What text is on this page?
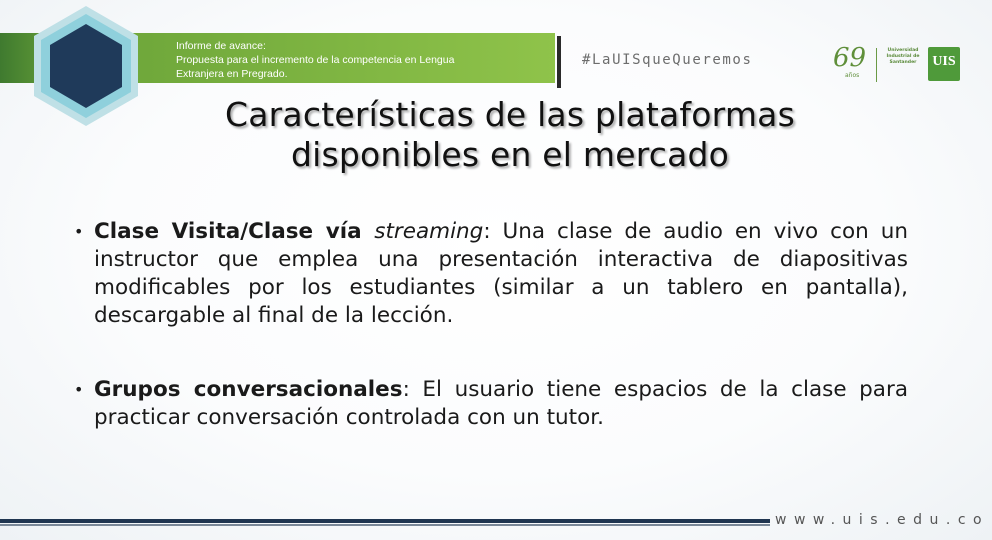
Informe de avance:
Propuesta para el incremento de la competencia en Lengua
Extranjera en Pregrado.
#LaUISqueQueremos	69
años
Universidad
Industrial de
Santander	UIS
Características de las plataformas
disponibles en el mercado
• Clase Visita/Clase vía streaming: Una clase de audio en vivo con un instructor que emplea una presentación interactiva de diapositivas modificables por los estudiantes (similar a un tablero en pantalla), descargable al final de la lección.
• Grupos conversacionales: El usuario tiene espacios de la clase para practicar conversación controlada con un tutor.
www.uis.edu.co
